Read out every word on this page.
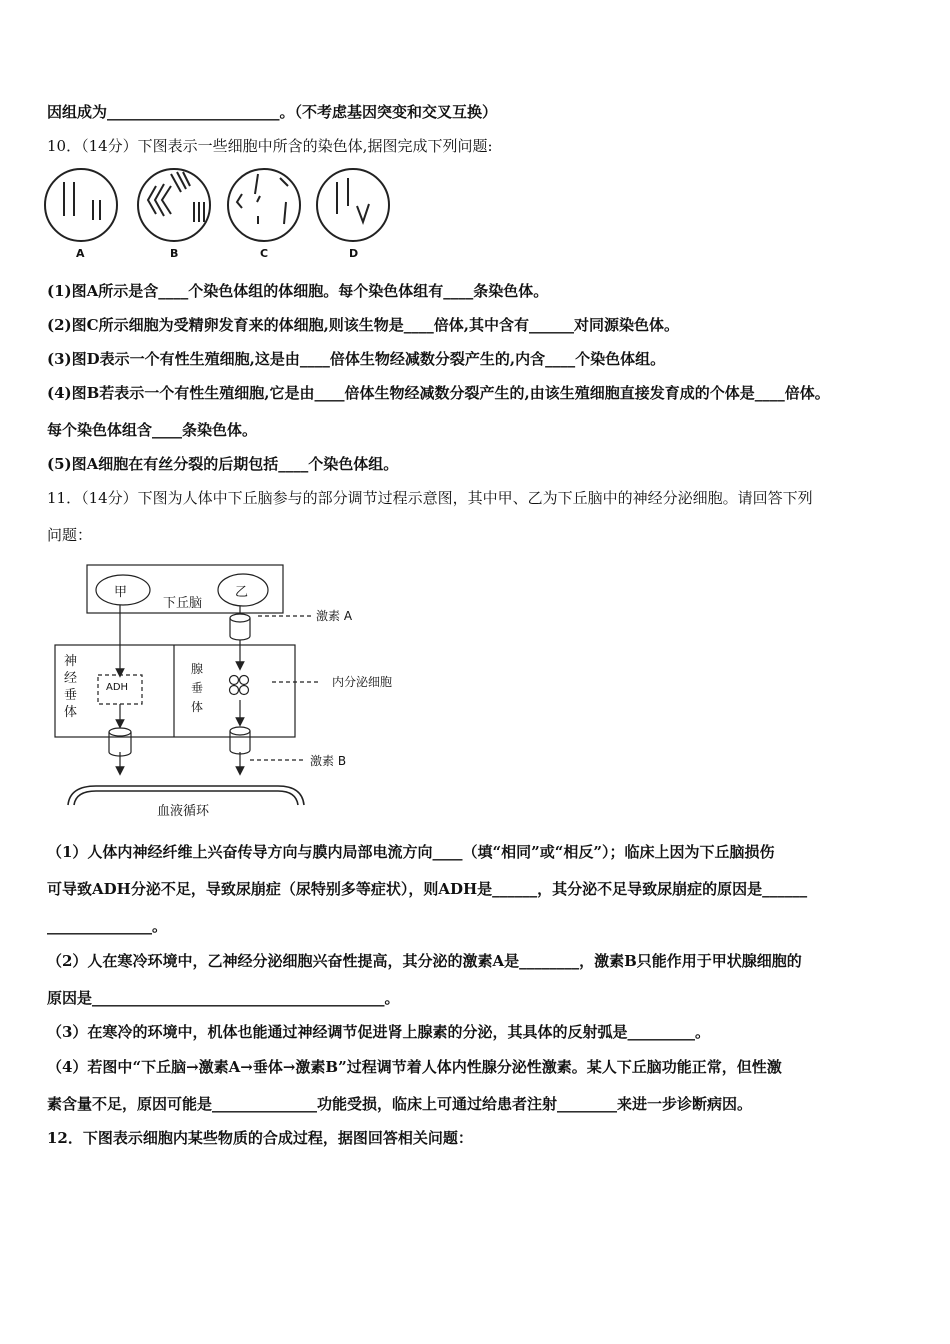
因组成为_______________________。（不考虑基因突变和交叉互换）
10．（14分）下图表示一些细胞中所含的染色体,据图完成下列问题:
A	B	C	D
(1)图A所示是含____个染色体组的体细胞。每个染色体组有____条染色体。
(2)图C所示细胞为受精卵发育来的体细胞,则该生物是____倍体,其中含有______对同源染色体。
(3)图D表示一个有性生殖细胞,这是由____倍体生物经减数分裂产生的,内含____个染色体组。
(4)图B若表示一个有性生殖细胞,它是由____倍体生物经减数分裂产生的,由该生殖细胞直接发育成的个体是____倍体。
每个染色体组含____条染色体。
(5)图A细胞在有丝分裂的后期包括____个染色体组。
11．（14分）下图为人体中下丘脑参与的部分调节过程示意图，其中甲、乙为下丘脑中的神经分泌细胞。请回答下列
问题：
甲	乙
下丘脑
激素 A
神
经
垂
体
ADH
腺
垂
体
内分泌细胞
激素 B
血液循环
（1）人体内神经纤维上兴奋传导方向与膜内局部电流方向____（填“相同”或“相反”）；临床上因为下丘脑损伤
可导致ADH分泌不足，导致尿崩症（尿特别多等症状），则ADH是______，其分泌不足导致尿崩症的原因是______
______________。
（2）人在寒冷环境中，乙神经分泌细胞兴奋性提高，其分泌的激素A是________，激素B只能作用于甲状腺细胞的
原因是_______________________________________。
（3）在寒冷的环境中，机体也能通过神经调节促进肾上腺素的分泌，其具体的反射弧是_________。
（4）若图中“下丘脑→激素A→垂体→激素B”过程调节着人体内性腺分泌性激素。某人下丘脑功能正常，但性激
素含量不足，原因可能是______________功能受损，临床上可通过给患者注射________来进一步诊断病因。
12．下图表示细胞内某些物质的合成过程，据图回答相关问题：
